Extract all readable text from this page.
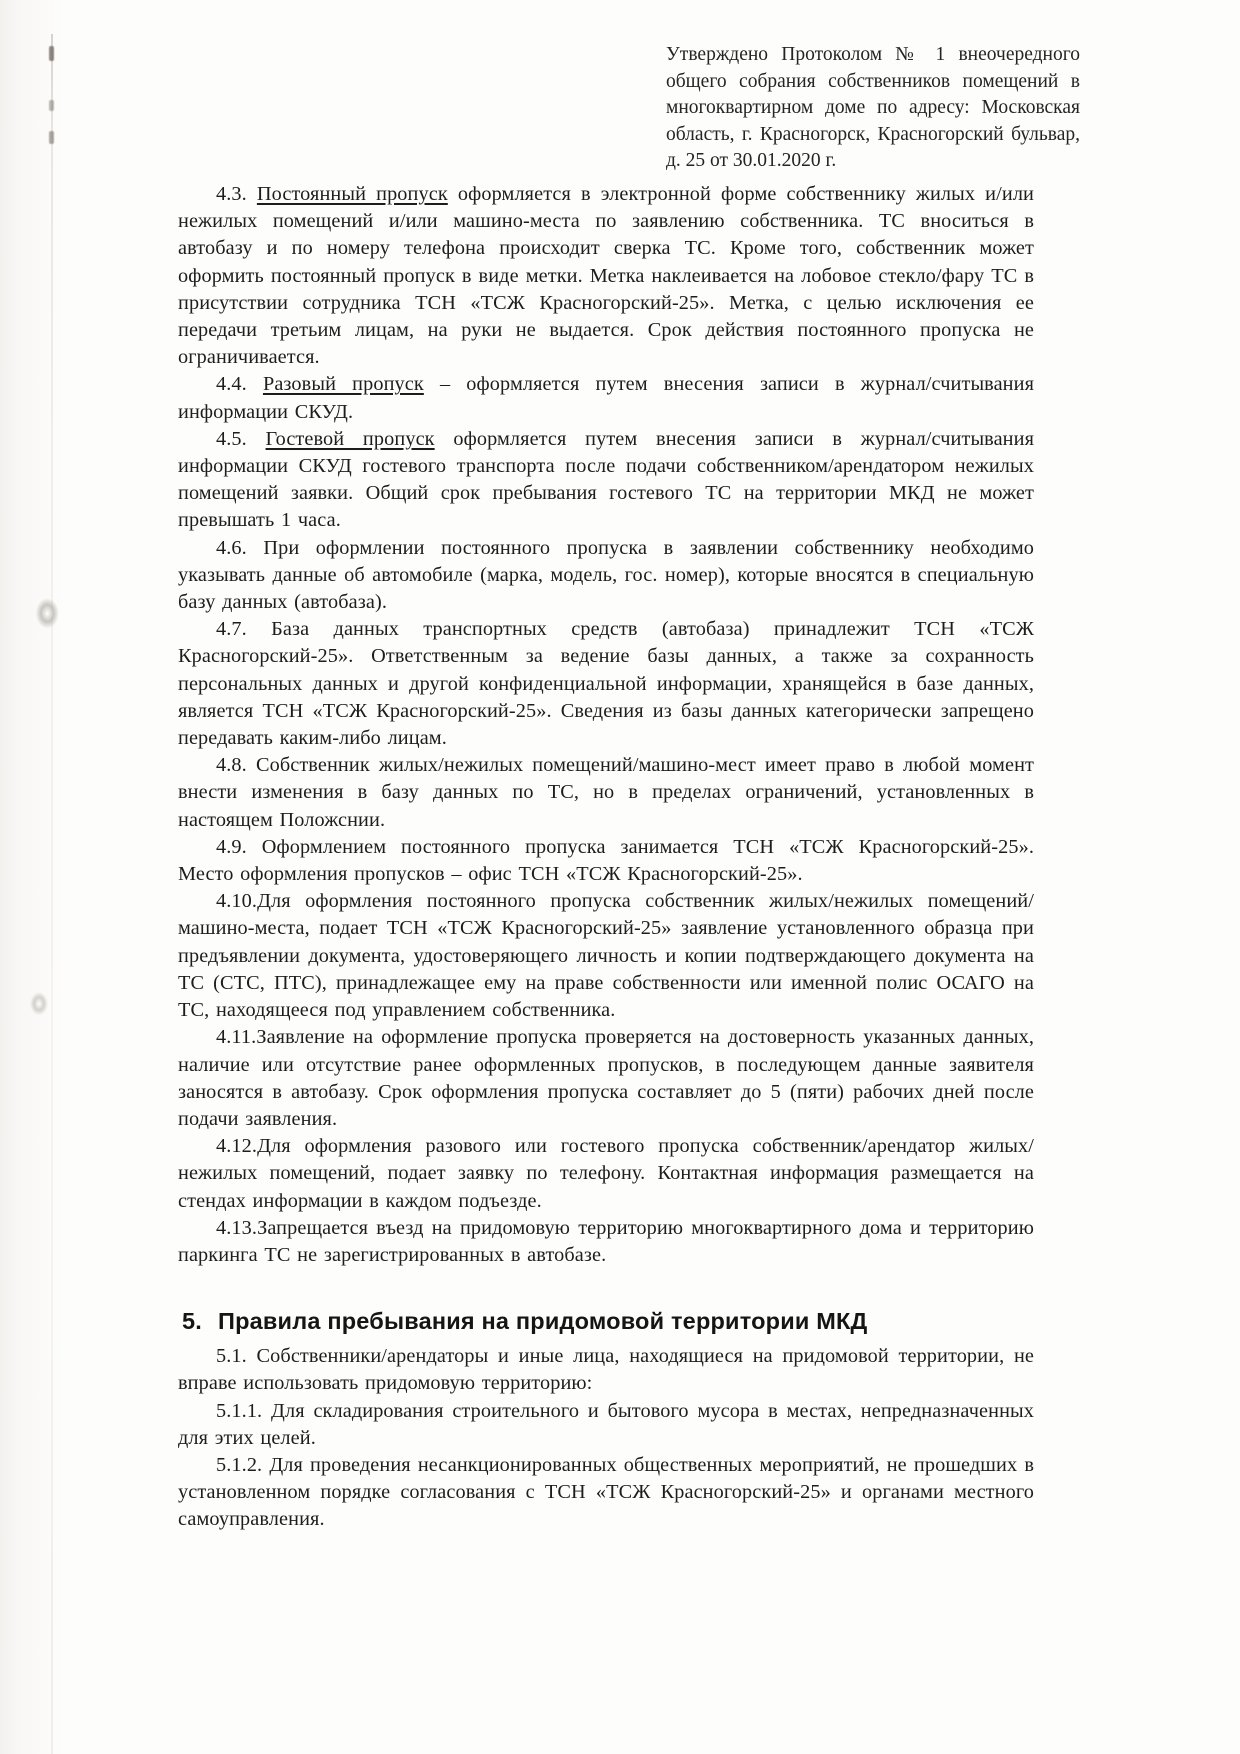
Утверждено Протоколом № 1 внеочередного общего собрания собственников помещений в многоквартирном доме по адресу: Московская область, г. Красногорск, Красногорский бульвар, д. 25 от 30.01.2020 г.

4.3. Постоянный пропуск оформляется в электронной форме собственнику жилых и/или нежилых помещений и/или машино-места по заявлению собственника. ТС вноситься в автобазу и по номеру телефона происходит сверка ТС. Кроме того, собственник может оформить постоянный пропуск в виде метки. Метка наклеивается на лобовое стекло/фару ТС в присутствии сотрудника ТСН «ТСЖ Красногорский-25». Метка, с целью исключения ее передачи третьим лицам, на руки не выдается. Срок действия постоянного пропуска не ограничивается.

4.4. Разовый пропуск – оформляется путем внесения записи в журнал/считывания информации СКУД.

4.5. Гостевой пропуск оформляется путем внесения записи в журнал/считывания информации СКУД гостевого транспорта после подачи собственником/арендатором нежилых помещений заявки. Общий срок пребывания гостевого ТС на территории МКД не может превышать 1 часа.

4.6. При оформлении постоянного пропуска в заявлении собственнику необходимо указывать данные об автомобиле (марка, модель, гос. номер), которые вносятся в специальную базу данных (автобаза).

4.7. База данных транспортных средств (автобаза) принадлежит ТСН «ТСЖ Красногорский-25». Ответственным за ведение базы данных, а также за сохранность персональных данных и другой конфиденциальной информации, хранящейся в базе данных, является ТСН «ТСЖ Красногорский-25». Сведения из базы данных категорически запрещено передавать каким-либо лицам.

4.8. Собственник жилых/нежилых помещений/машино-мест имеет право в любой момент внести изменения в базу данных по ТС, но в пределах ограничений, установленных в настоящем Положснии.

4.9. Оформлением постоянного пропуска занимается ТСН «ТСЖ Красногорский-25». Место оформления пропусков – офис ТСН «ТСЖ Красногорский-25».

4.10.Для оформления постоянного пропуска собственник жилых/нежилых помещений/машино-места, подает ТСН «ТСЖ Красногорский-25» заявление установленного образца при предъявлении документа, удостоверяющего личность и копии подтверждающего документа на ТС (СТС, ПТС), принадлежащее ему на праве собственности или именной полис ОСАГО на ТС, находящееся под управлением собственника.

4.11.Заявление на оформление пропуска проверяется на достоверность указанных данных, наличие или отсутствие ранее оформленных пропусков, в последующем данные заявителя заносятся в автобазу. Срок оформления пропуска составляет до 5 (пяти) рабочих дней после подачи заявления.

4.12.Для оформления разового или гостевого пропуска собственник/арендатор жилых/нежилых помещений, подает заявку по телефону. Контактная информация размещается на стендах информации в каждом подъезде.

4.13.Запрещается въезд на придомовую территорию многоквартирного дома и территорию паркинга ТС не зарегистрированных в автобазе.

5. Правила пребывания на придомовой территории МКД

5.1. Собственники/арендаторы и иные лица, находящиеся на придомовой территории, не вправе использовать придомовую территорию:

5.1.1. Для складирования строительного и бытового мусора в местах, непредназначенных для этих целей.

5.1.2. Для проведения несанкционированных общественных мероприятий, не прошедших в установленном порядке согласования с ТСН «ТСЖ Красногорский-25» и органами местного самоуправления.
